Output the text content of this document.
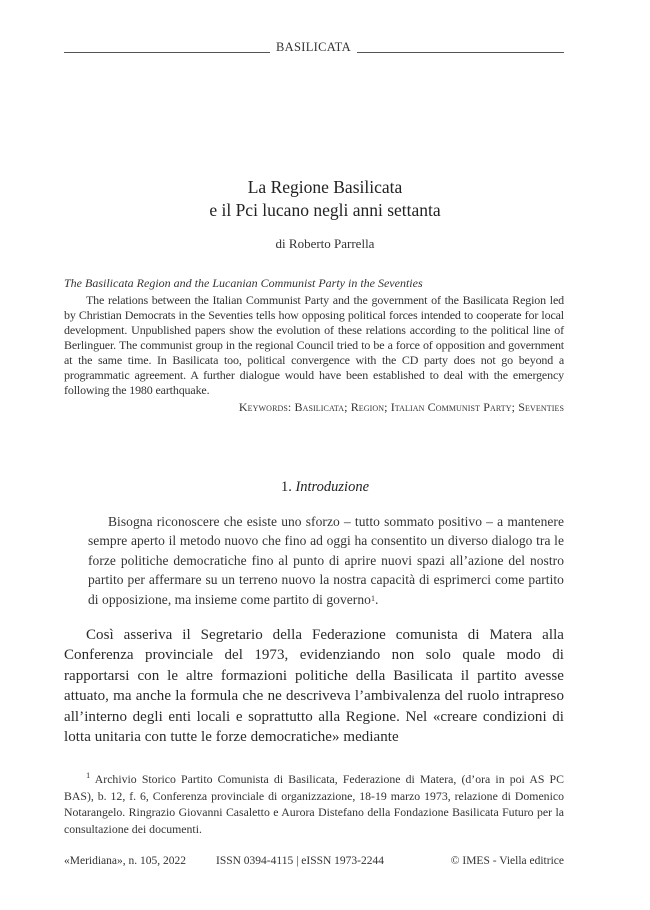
BASILICATA
La Regione Basilicata
e il Pci lucano negli anni settanta
di Roberto Parrella

The Basilicata Region and the Lucanian Communist Party in the Seventies

The relations between the Italian Communist Party and the government of the Basilicata Region led by Christian Democrats in the Seventies tells how opposing political forces intended to cooperate for local development. Unpublished papers show the evolution of these relations according to the political line of Berlinguer. The communist group in the regional Council tried to be a force of opposition and government at the same time. In Basilicata too, political convergence with the CD party does not go beyond a programmatic agreement. A further dialogue would have been established to deal with the emergency following the 1980 earthquake.

Keywords: Basilicata; Region; Italian Communist Party; Seventies

1. Introduzione
Bisogna riconoscere che esiste uno sforzo – tutto sommato positivo – a mantenere sempre aperto il metodo nuovo che fino ad oggi ha consentito un diverso dialogo tra le forze politiche democratiche fino al punto di aprire nuovi spazi all’azione del nostro partito per affermare su un terreno nuovo la nostra capacità di esprimerci come partito di opposizione, ma insieme come partito di governo$^1$.
Così asseriva il Segretario della Federazione comunista di Matera alla Conferenza provinciale del 1973, evidenziando non solo quale modo di rapportarsi con le altre formazioni politiche della Basilicata il partito avesse attuato, ma anche la formula che ne descriveva l’ambivalenza del ruolo intrapreso all’interno degli enti locali e soprattutto alla Regione. Nel «creare condizioni di lotta unitaria con tutte le forze democratiche» mediante
$^1$ Archivio Storico Partito Comunista di Basilicata, Federazione di Matera, (d’ora in poi AS PC BAS), b. 12, f. 6, Conferenza provinciale di organizzazione, 18-19 marzo 1973, relazione di Domenico Notarangelo. Ringrazio Giovanni Casaletto e Aurora Distefano della Fondazione Basilicata Futuro per la consultazione dei documenti.
«Meridiana», n. 105, 2022	ISSN 0394-4115 | eISSN 1973-2244	© IMES - Viella editrice
